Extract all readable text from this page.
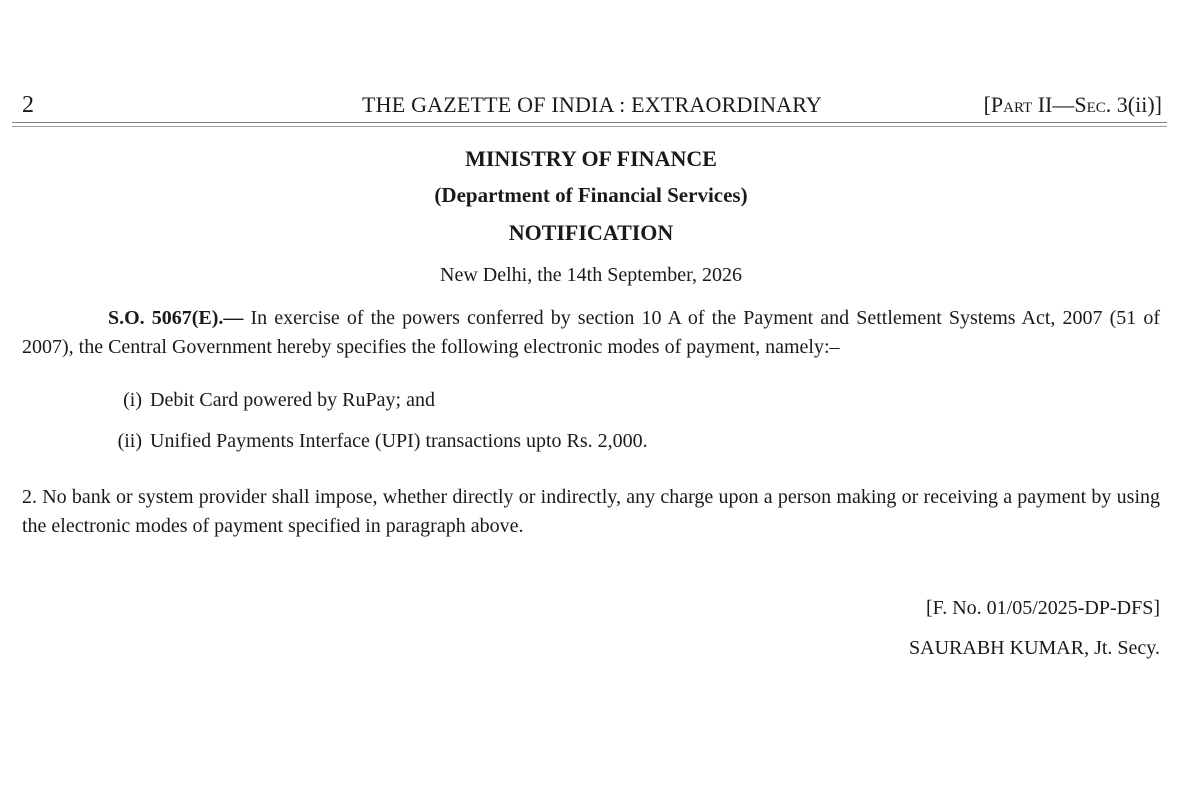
2	THE GAZETTE OF INDIA : EXTRAORDINARY	[Part II—Sec. 3(ii)]
MINISTRY OF FINANCE
(Department of Financial Services)
NOTIFICATION
New Delhi, the 14th September, 2026
S.O. 5067(E).— In exercise of the powers conferred by section 10 A of the Payment and Settlement Systems Act, 2007 (51 of 2007), the Central Government hereby specifies the following electronic modes of payment, namely:–
(i) Debit Card powered by RuPay; and
(ii) Unified Payments Interface (UPI) transactions upto Rs. 2,000.
2. No bank or system provider shall impose, whether directly or indirectly, any charge upon a person making or receiving a payment by using the electronic modes of payment specified in paragraph above.
[F. No. 01/05/2025-DP-DFS]
SAURABH KUMAR, Jt. Secy.
